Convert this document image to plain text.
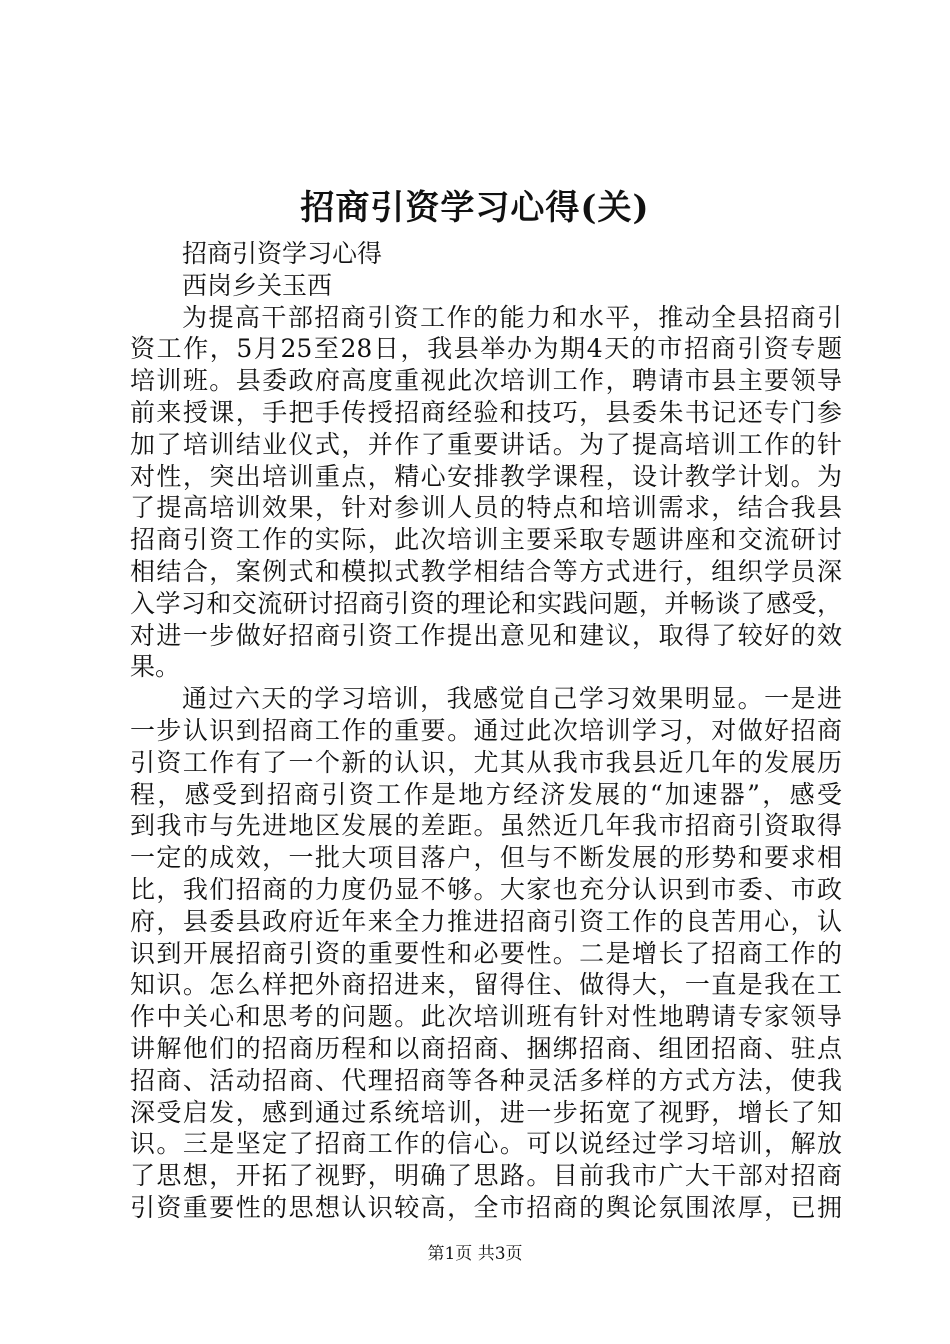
招商引资学习心得(关)
招商引资学习心得
西岗乡关玉西
为提高干部招商引资工作的能力和水平，推动全县招商引
资工作，5月25至28日，我县举办为期4天的市招商引资专题
培训班。县委政府高度重视此次培训工作，聘请市县主要领导
前来授课，手把手传授招商经验和技巧，县委朱书记还专门参
加了培训结业仪式，并作了重要讲话。为了提高培训工作的针
对性，突出培训重点，精心安排教学课程，设计教学计划。为
了提高培训效果，针对参训人员的特点和培训需求，结合我县
招商引资工作的实际，此次培训主要采取专题讲座和交流研讨
相结合，案例式和模拟式教学相结合等方式进行，组织学员深
入学习和交流研讨招商引资的理论和实践问题，并畅谈了感受，
对进一步做好招商引资工作提出意见和建议，取得了较好的效
果。
通过六天的学习培训，我感觉自己学习效果明显。一是进
一步认识到招商工作的重要。通过此次培训学习，对做好招商
引资工作有了一个新的认识，尤其从我市我县近几年的发展历
程，感受到招商引资工作是地方经济发展的“加速器”，感受
到我市与先进地区发展的差距。虽然近几年我市招商引资取得
一定的成效，一批大项目落户，但与不断发展的形势和要求相
比，我们招商的力度仍显不够。大家也充分认识到市委、市政
府，县委县政府近年来全力推进招商引资工作的良苦用心，认
识到开展招商引资的重要性和必要性。二是增长了招商工作的
知识。怎么样把外商招进来，留得住、做得大，一直是我在工
作中关心和思考的问题。此次培训班有针对性地聘请专家领导
讲解他们的招商历程和以商招商、捆绑招商、组团招商、驻点
招商、活动招商、代理招商等各种灵活多样的方式方法，使我
深受启发，感到通过系统培训，进一步拓宽了视野，增长了知
识。三是坚定了招商工作的信心。可以说经过学习培训，解放
了思想，开拓了视野，明确了思路。目前我市广大干部对招商
引资重要性的思想认识较高，全市招商的舆论氛围浓厚，已拥
第1页 共3页
